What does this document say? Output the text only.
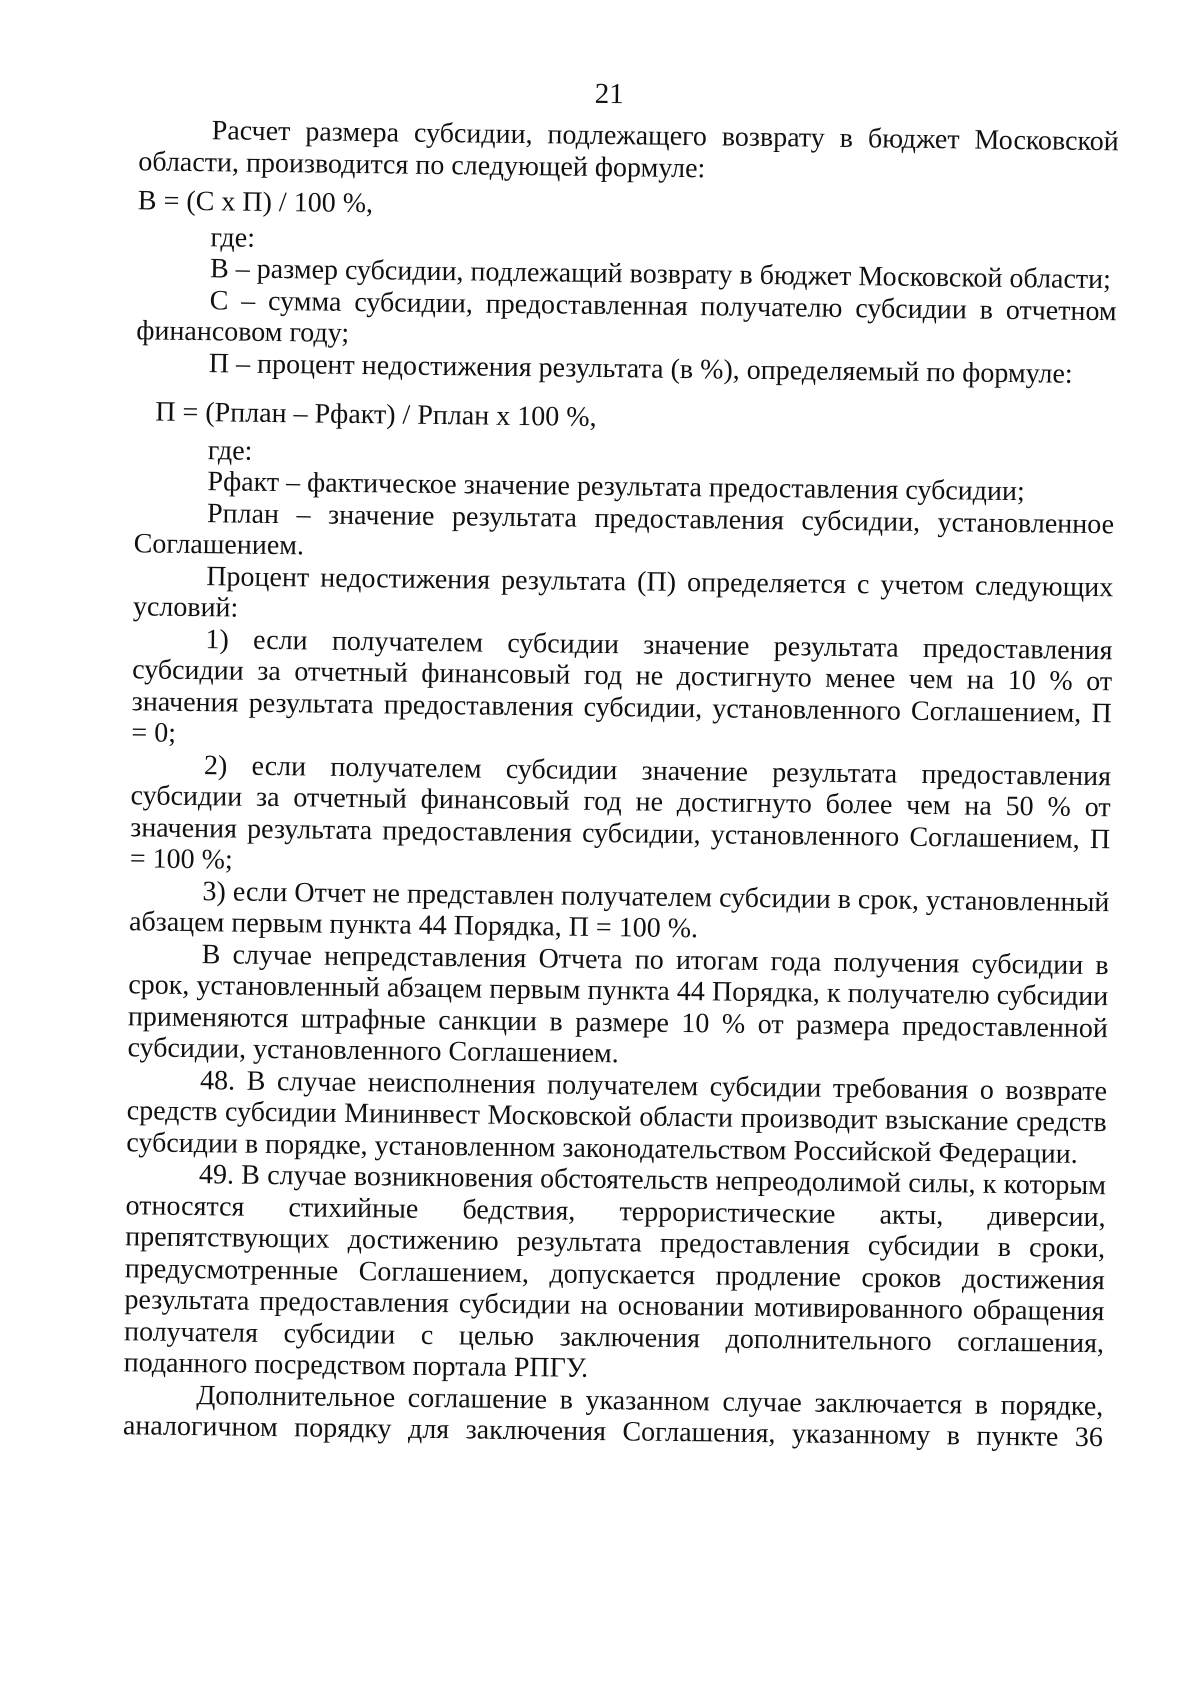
21

Расчет размера субсидии, подлежащего возврату в бюджет Московской области, производится по следующей формуле:

В = (С х П) / 100 %,

где:

В – размер субсидии, подлежащий возврату в бюджет Московской области;

С – сумма субсидии, предоставленная получателю субсидии в отчетном финансовом году;

П – процент недостижения результата (в %), определяемый по формуле:

П = (Рплан – Рфакт) / Рплан х 100 %,

где:

Рфакт – фактическое значение результата предоставления субсидии;

Рплан – значение результата предоставления субсидии, установленное Соглашением.

Процент недостижения результата (П) определяется с учетом следующих условий:

1) если получателем субсидии значение результата предоставления субсидии за отчетный финансовый год не достигнуто менее чем на 10 % от значения результата предоставления субсидии, установленного Соглашением, П = 0;

2) если получателем субсидии значение результата предоставления субсидии за отчетный финансовый год не достигнуто более чем на 50 % от значения результата предоставления субсидии, установленного Соглашением, П = 100 %;

3) если Отчет не представлен получателем субсидии в срок, установленный абзацем первым пункта 44 Порядка, П = 100 %.

В случае непредставления Отчета по итогам года получения субсидии в срок, установленный абзацем первым пункта 44 Порядка, к получателю субсидии применяются штрафные санкции в размере 10 % от размера предоставленной субсидии, установленного Соглашением.

48. В случае неисполнения получателем субсидии требования о возврате средств субсидии Мининвест Московской области производит взыскание средств субсидии в порядке, установленном законодательством Российской Федерации.

49. В случае возникновения обстоятельств непреодолимой силы, к которым относятся стихийные бедствия, террористические акты, диверсии, препятствующих достижению результата предоставления субсидии в сроки, предусмотренные Соглашением, допускается продление сроков достижения результата предоставления субсидии на основании мотивированного обращения получателя субсидии с целью заключения дополнительного соглашения, поданного посредством портала РПГУ.

Дополнительное соглашение в указанном случае заключается в порядке, аналогичном порядку для заключения Соглашения, указанному в пункте 36
